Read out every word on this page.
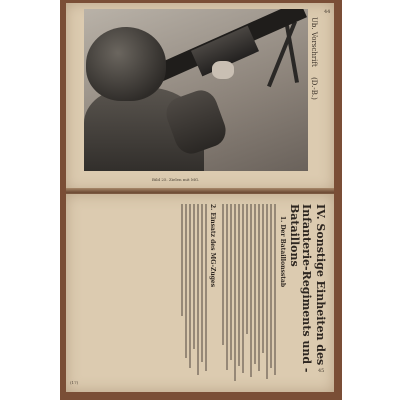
Ub. Vorschrift (D.-B.)
44
Bild 25. Zielen mit MG.
IV. Sonstige Einheiten des
Infanterie-Regiments und -Bataillons
1. Der Bataillonsstab
2. Einsatz des MG-Zuges
45
(17)
